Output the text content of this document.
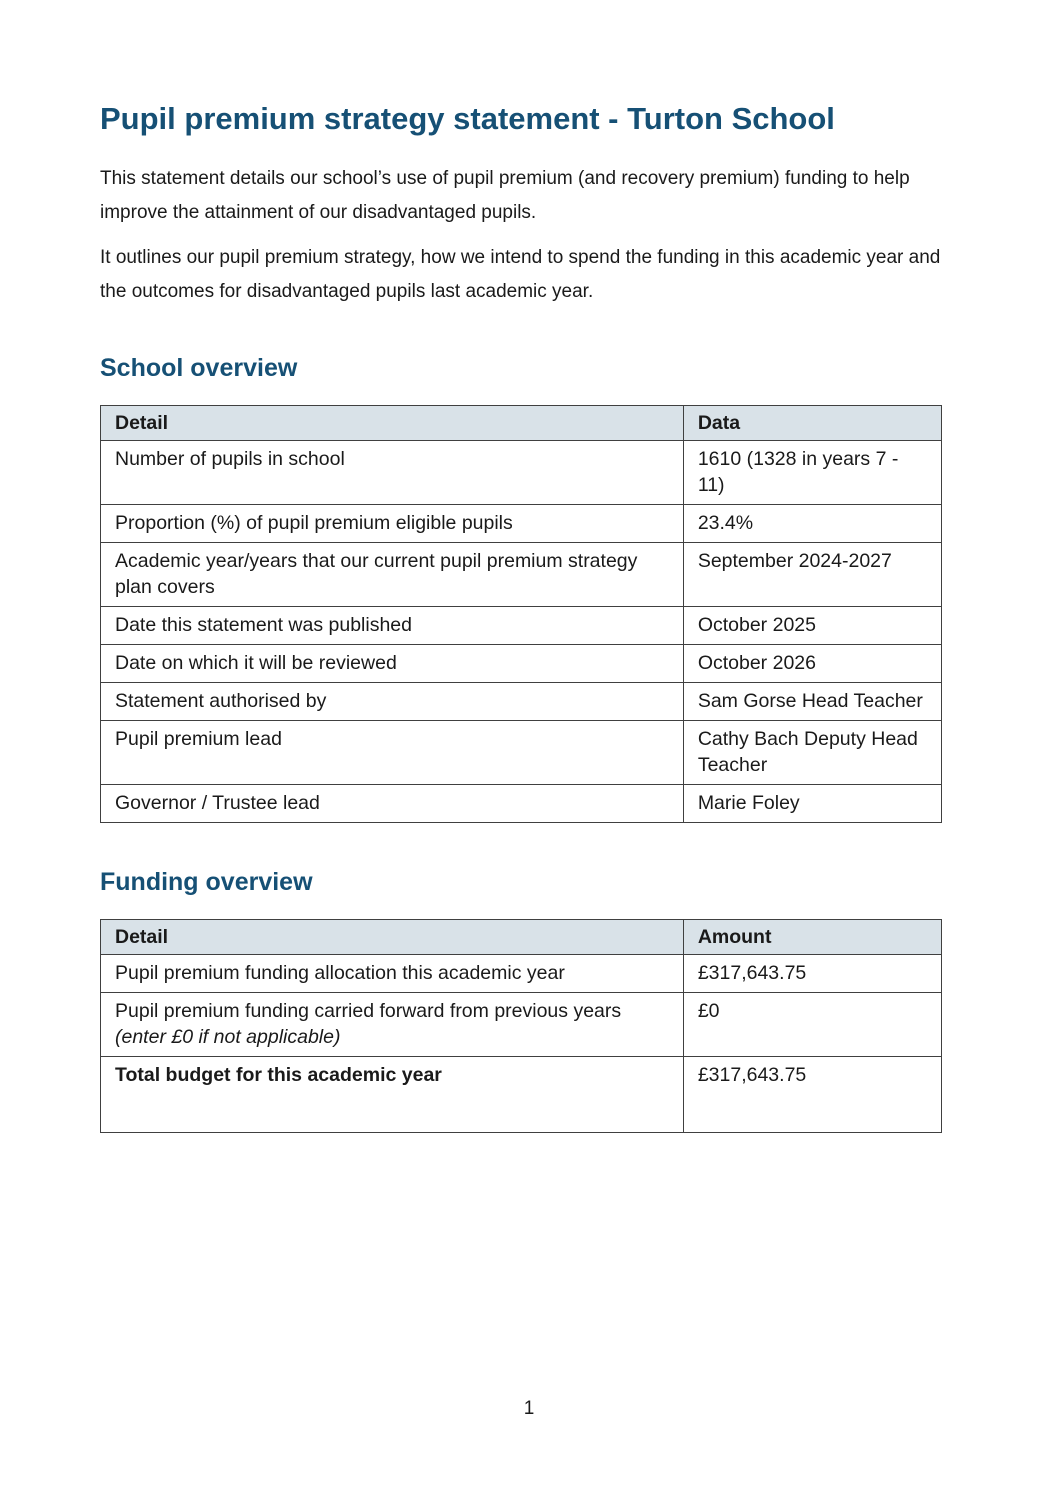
Pupil premium strategy statement - Turton School

This statement details our school’s use of pupil premium (and recovery premium) funding to help improve the attainment of our disadvantaged pupils.

It outlines our pupil premium strategy, how we intend to spend the funding in this academic year and the outcomes for disadvantaged pupils last academic year.

School overview
Detail	Data
Number of pupils in school	1610 (1328 in years 7 - 11)
Proportion (%) of pupil premium eligible pupils	23.4%
Academic year/years that our current pupil premium strategy plan covers	September 2024-2027
Date this statement was published	October 2025
Date on which it will be reviewed	October 2026
Statement authorised by	Sam Gorse Head Teacher
Pupil premium lead	Cathy Bach Deputy Head Teacher
Governor / Trustee lead	Marie Foley
Funding overview
Detail	Amount
Pupil premium funding allocation this academic year	£317,643.75
Pupil premium funding carried forward from previous years (enter £0 if not applicable)	£0
Total budget for this academic year	£317,643.75
1
